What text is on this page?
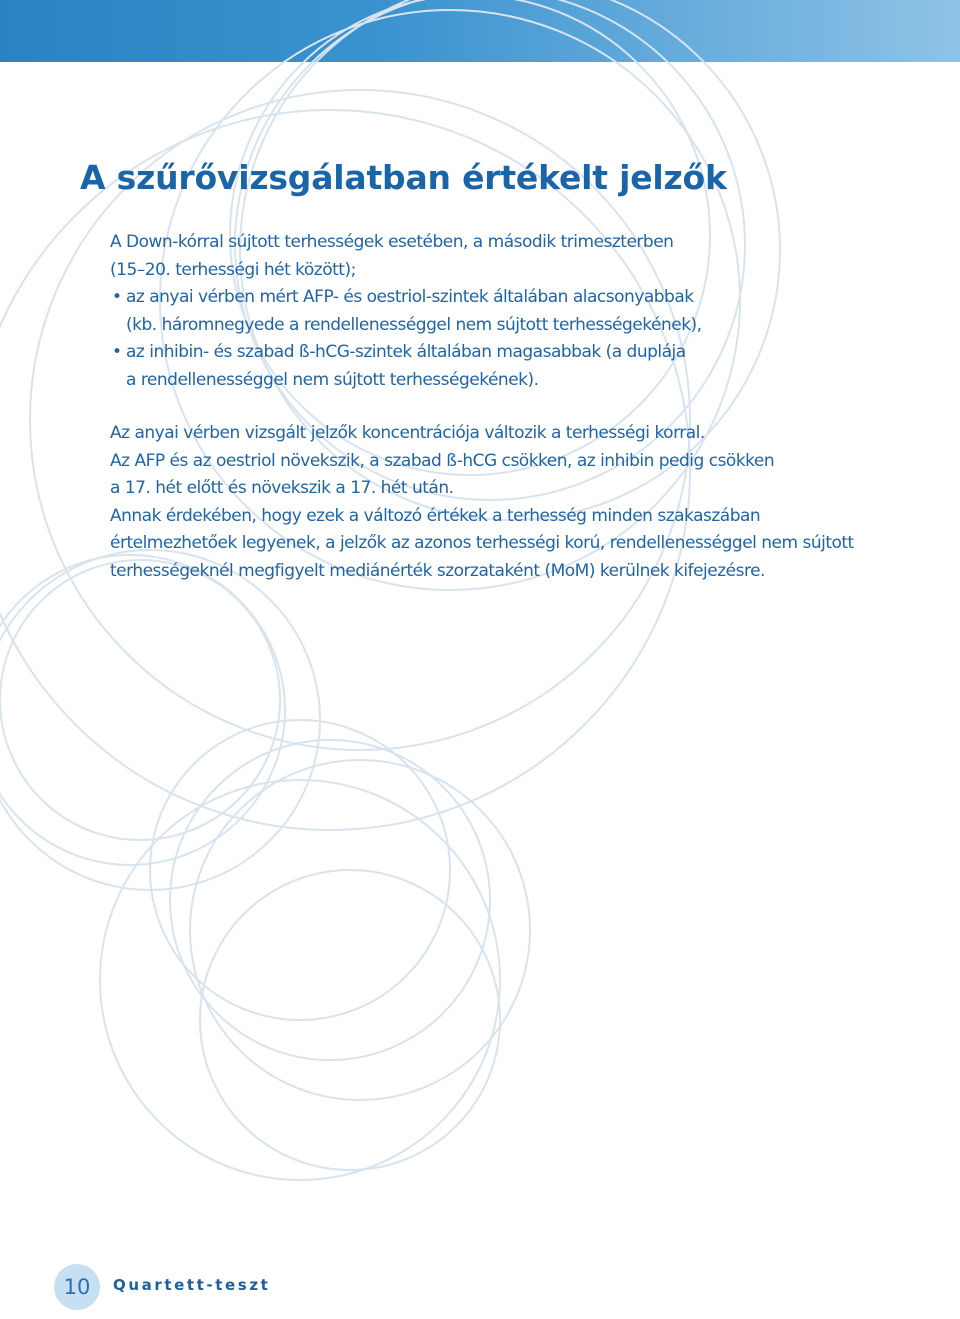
A szűrővizsgálatban értékelt jelzők

A Down-kórral sújtott terhességek esetében, a második trimeszterben

(15–20. terhességi hét között);

• az anyai vérben mért AFP- és oestriol-szintek általában alacsonyabbak
(kb. háromnegyede a rendellenességgel nem sújtott terhességekének),
• az inhibin- és szabad ß-hCG-szintek általában magasabbak (a duplája
a rendellenességgel nem sújtott terhességekének).

Az anyai vérben vizsgált jelzők koncentrációja változik a terhességi korral.

Az AFP és az oestriol növekszik, a szabad ß-hCG csökken, az inhibin pedig csökken

a 17. hét előtt és növekszik a 17. hét után.

Annak érdekében, hogy ezek a változó értékek a terhesség minden szakaszában

értelmezhetőek legyenek, a jelzők az azonos terhességi korú, rendellenességgel nem sújtott

terhességeknél megfigyelt mediánérték szorzataként (MoM) kerülnek kifejezésre.

10 Quartett-teszt
